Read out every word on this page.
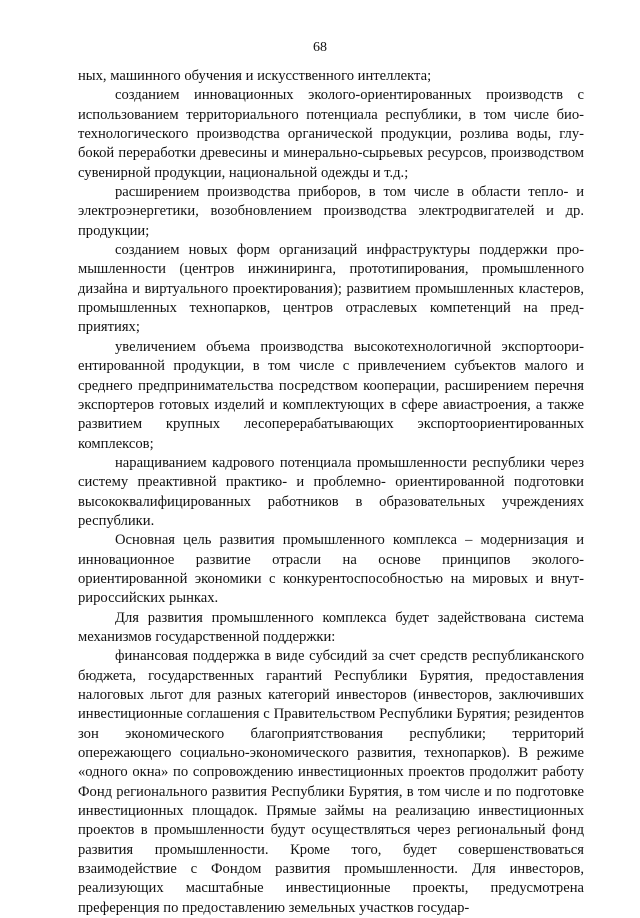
68

ных, машинного обучения и искусственного интеллекта;

созданием инновационных эколого-ориентированных производств с использованием территориального потенциала республики, в том числе биотехнологического производства органической продукции, розлива воды, глубокой переработки древесины и минерально-сырьевых ресурсов, производством сувенирной продукции, национальной одежды и т.д.;

расширением производства приборов, в том числе в области тепло- и электроэнергетики, возобновлением производства электродвигателей и др. продукции;

созданием новых форм организаций инфраструктуры поддержки промышленности (центров инжиниринга, прототипирования, промышленного дизайна и виртуального проектирования); развитием промышленных кластеров, промышленных технопарков, центров отраслевых компетенций на предприятиях;

увеличением объема производства высокотехнологичной экспортоориентированной продукции, в том числе с привлечением субъектов малого и среднего предпринимательства посредством кооперации, расширением перечня экспортеров готовых изделий и комплектующих в сфере авиастроения, а также развитием крупных лесоперерабатывающих экспортоориентированных комплексов;

наращиванием кадрового потенциала промышленности республики через систему преактивной практико- и проблемно- ориентированной подготовки высококвалифицированных работников в образовательных учреждениях республики.

Основная цель развития промышленного комплекса – модернизация и инновационное развитие отрасли на основе принципов эколого-ориентированной экономики с конкурентоспособностью на мировых и внутрироссийских рынках.

Для развития промышленного комплекса будет задействована система механизмов государственной поддержки:

финансовая поддержка в виде субсидий за счет средств республиканского бюджета, государственных гарантий Республики Бурятия, предоставления налоговых льгот для разных категорий инвесторов (инвесторов, заключивших инвестиционные соглашения с Правительством Республики Бурятия; резидентов зон экономического благоприятствования республики; территорий опережающего социально-экономического развития, технопарков). В режиме «одного окна» по сопровождению инвестиционных проектов продолжит работу Фонд регионального развития Республики Бурятия, в том числе и по подготовке инвестиционных площадок. Прямые займы на реализацию инвестиционных проектов в промышленности будут осуществляться через региональный фонд развития промышленности. Кроме того, будет совершенствоваться взаимодействие с Фондом развития промышленности. Для инвесторов, реализующих масштабные инвестиционные проекты, предусмотрена преференция по предоставлению земельных участков государ-
